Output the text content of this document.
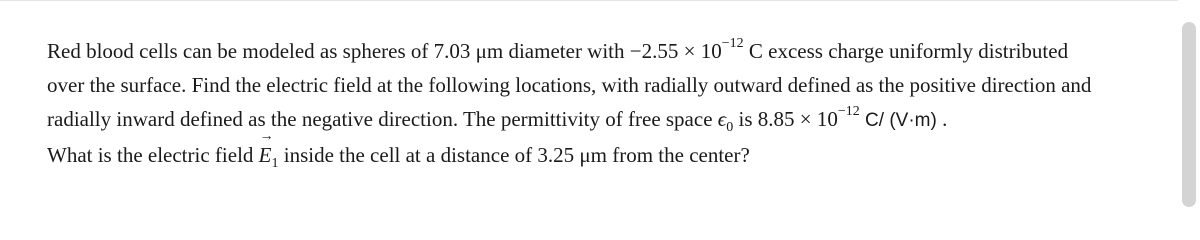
Red blood cells can be modeled as spheres of 7.03 μm diameter with $-2.55 \times 10^{-12}$ C excess charge uniformly distributed

over the surface. Find the electric field at the following locations, with radially outward defined as the positive direction and

radially inward defined as the negative direction. The permittivity of free space $\epsilon_0$ is $8.85 \times 10^{-12}$ C/ (V·m) .

What is the electric field
→
$E_1$ inside the cell at a distance of 3.25 μm from the center?
